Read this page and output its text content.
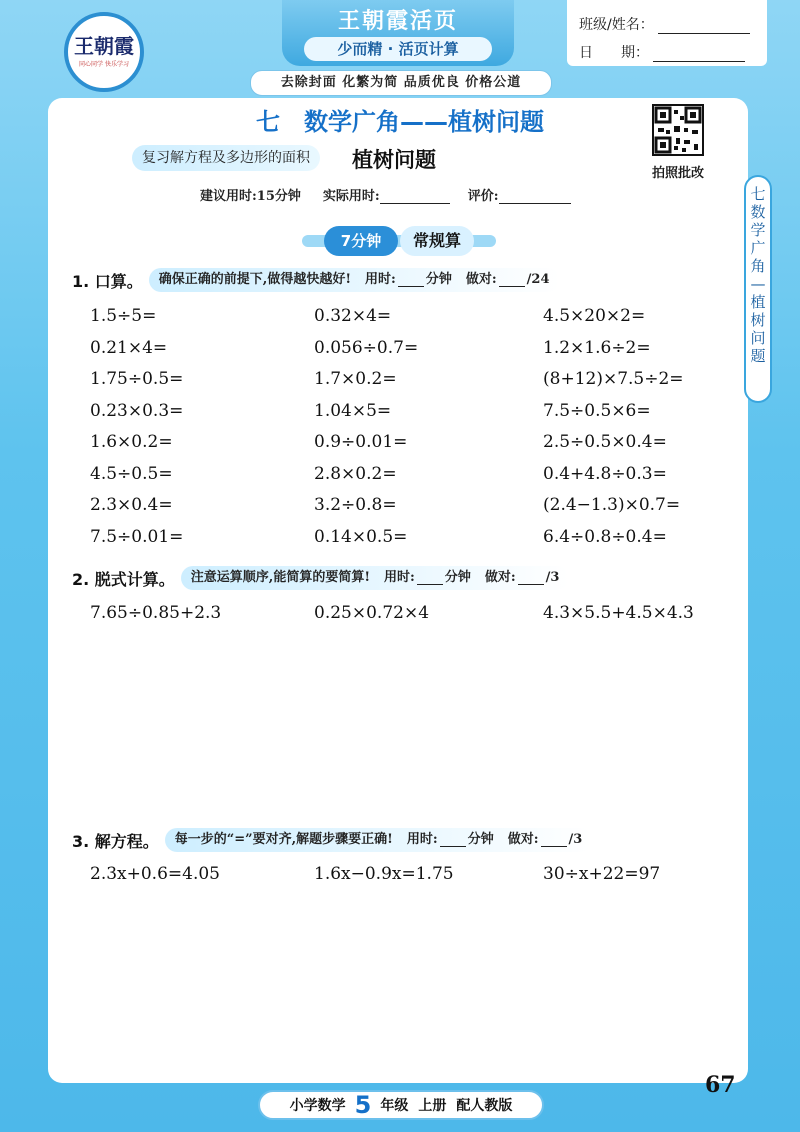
王朝霞
同心同学 快乐学习
王朝霞活页
少而精 · 活页计算
班级/姓名：
日　　期：
去除封面 化繁为简 品质优良 价格公道
七　数学广角——植树问题
拍照批改
复习解方程及多边形的面积	植树问题
建议用时:15分钟 实际用时:	评价:	七
数
学
广
角
—
植
树
问
题
7分钟	常规算
1. 口算。 确保正确的前提下,做得越快越好! 用时: 分钟 做对: /24
1.5÷5=	0.32×4=	4.5×20×2=
0.21×4=	0.056÷0.7=	1.2×1.6÷2=
1.75÷0.5=	1.7×0.2=	(8+12)×7.5÷2=
0.23×0.3=	1.04×5=	7.5÷0.5×6=
1.6×0.2=	0.9÷0.01=	2.5÷0.5×0.4=
4.5÷0.5=	2.8×0.2=	0.4+4.8÷0.3=
2.3×0.4=	3.2÷0.8=	(2.4−1.3)×0.7=
7.5÷0.01=	0.14×0.5=	6.4÷0.8÷0.4=
2. 脱式计算。 注意运算顺序,能简算的要简算! 用时: 分钟 做对: /3
7.65÷0.85+2.3	0.25×0.72×4	4.3×5.5+4.5×4.3
3. 解方程。 每一步的“=”要对齐,解题步骤要正确! 用时: 分钟 做对: /3
2.3x+0.6=4.05	1.6x−0.9x=1.75	30÷x+22=97
67
小学数学 5 年级 上册 配人教版
